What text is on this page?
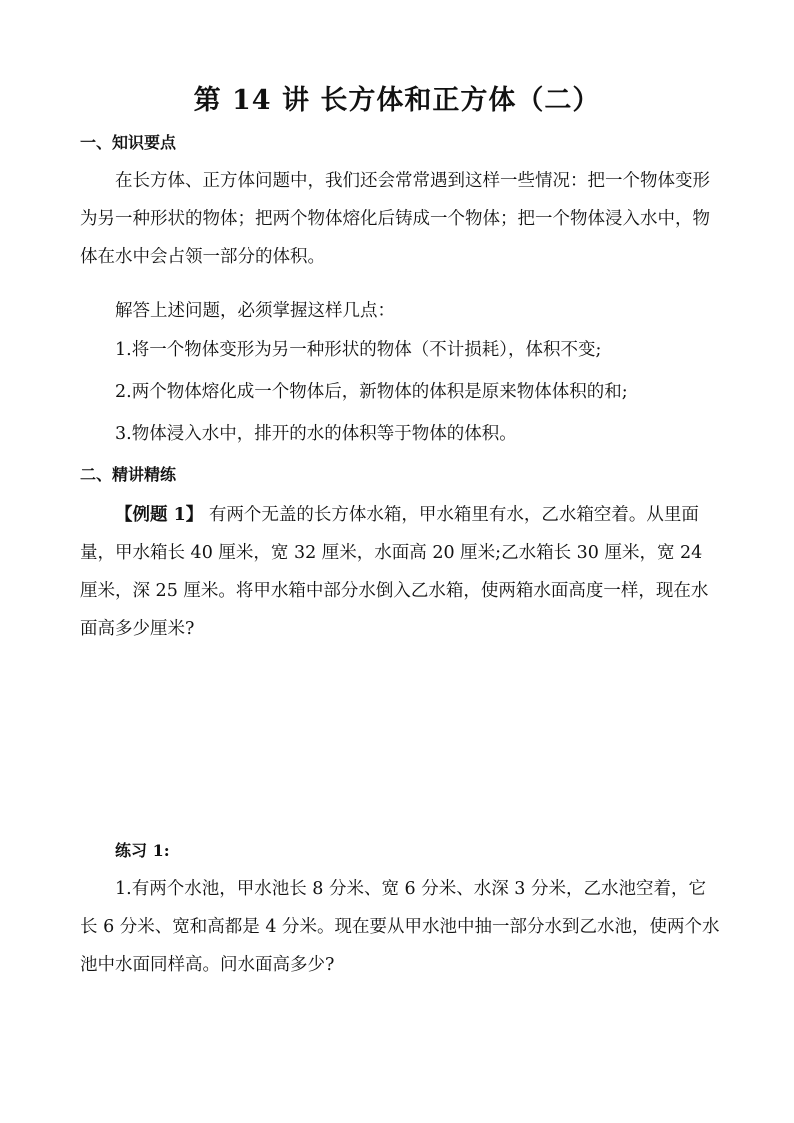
第 14 讲 长方体和正方体（二）
一、知识要点

在长方体、正方体问题中，我们还会常常遇到这样一些情况：把一个物体变形为另一种形状的物体；把两个物体熔化后铸成一个物体；把一个物体浸入水中，物体在水中会占领一部分的体积。

解答上述问题，必须掌握这样几点：
1.将一个物体变形为另一种形状的物体（不计损耗），体积不变;
2.两个物体熔化成一个物体后，新物体的体积是原来物体体积的和;
3.物体浸入水中，排开的水的体积等于物体的体积。
二、精讲精练

【例题 1】 有两个无盖的长方体水箱，甲水箱里有水，乙水箱空着。从里面量，甲水箱长 40 厘米，宽 32 厘米，水面高 20 厘米;乙水箱长 30 厘米，宽 24 厘米，深 25 厘米。将甲水箱中部分水倒入乙水箱，使两箱水面高度一样，现在水面高多少厘米?

练习 1:

1.有两个水池，甲水池长 8 分米、宽 6 分米、水深 3 分米，乙水池空着，它长 6 分米、宽和高都是 4 分米。现在要从甲水池中抽一部分水到乙水池，使两个水池中水面同样高。问水面高多少?
